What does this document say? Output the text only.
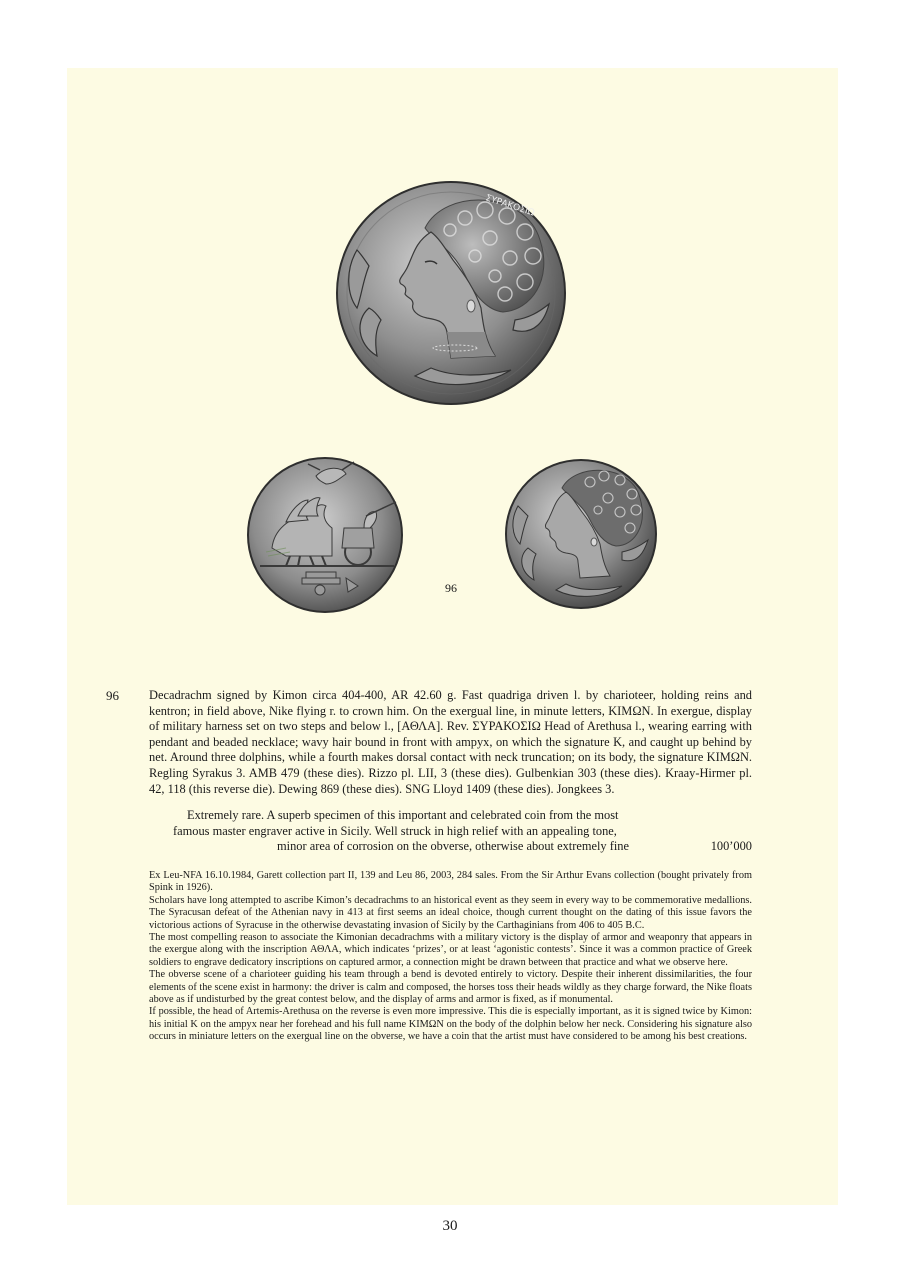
ΣΥΡΑΚΟΣΙΩ
96
96 Decadrachm signed by Kimon circa 404-400, AR 42.60 g. Fast quadriga driven l. by charioteer, holding reins and kentron; in field above, Nike flying r. to crown him. On the exergual line, in minute letters, ΚΙΜΩΝ. In exergue, display of military harness set on two steps and below l., [ΑΘΛΑ]. Rev. ΣΥΡΑΚΟΣΙΩ Head of Arethusa l., wearing earring with pendant and beaded necklace; wavy hair bound in front with ampyx, on which the signature K, and caught up behind by net. Around three dolphins, while a fourth makes dorsal contact with neck truncation; on its body, the signature KIMΩN. Regling Syrakus 3. AMB 479 (these dies). Rizzo pl. LII, 3 (these dies). Gulbenkian 303 (these dies). Kraay-Hirmer pl. 42, 118 (this reverse die). Dewing 869 (these dies). SNG Lloyd 1409 (these dies). Jongkees 3.

Extremely rare. A superb specimen of this important and celebrated coin from the most
famous master engraver active in Sicily. Well struck in high relief with an appealing tone,
minor area of corrosion on the obverse, otherwise about extremely fine	100’000

Ex Leu-NFA 16.10.1984, Garett collection part II, 139 and Leu 86, 2003, 284 sales. From the Sir Arthur Evans collection (bought privately from Spink in 1926).

Scholars have long attempted to ascribe Kimon’s decadrachms to an historical event as they seem in every way to be commemorative medallions. The Syracusan defeat of the Athenian navy in 413 at first seems an ideal choice, though current thought on the dating of this issue favors the victorious actions of Syracuse in the otherwise devastating invasion of Sicily by the Carthaginians from 406 to 405 B.C.

The most compelling reason to associate the Kimonian decadrachms with a military victory is the display of armor and weaponry that appears in the exergue along with the inscription ΑΘΛΑ, which indicates ‘prizes’, or at least ‘agonistic contests’. Since it was a common practice of Greek soldiers to engrave dedicatory inscriptions on captured armor, a connection might be drawn between that practice and what we observe here.

The obverse scene of a charioteer guiding his team through a bend is devoted entirely to victory. Despite their inherent dissimilarities, the four elements of the scene exist in harmony: the driver is calm and composed, the horses toss their heads wildly as they charge forward, the Nike floats above as if undisturbed by the great contest below, and the display of arms and armor is fixed, as if monumental.

If possible, the head of Artemis-Arethusa on the reverse is even more impressive. This die is especially important, as it is signed twice by Kimon: his initial K on the ampyx near her forehead and his full name KIMΩN on the body of the dolphin below her neck. Considering his signature also occurs in miniature letters on the exergual line on the obverse, we have a coin that the artist must have considered to be among his best creations.

30
